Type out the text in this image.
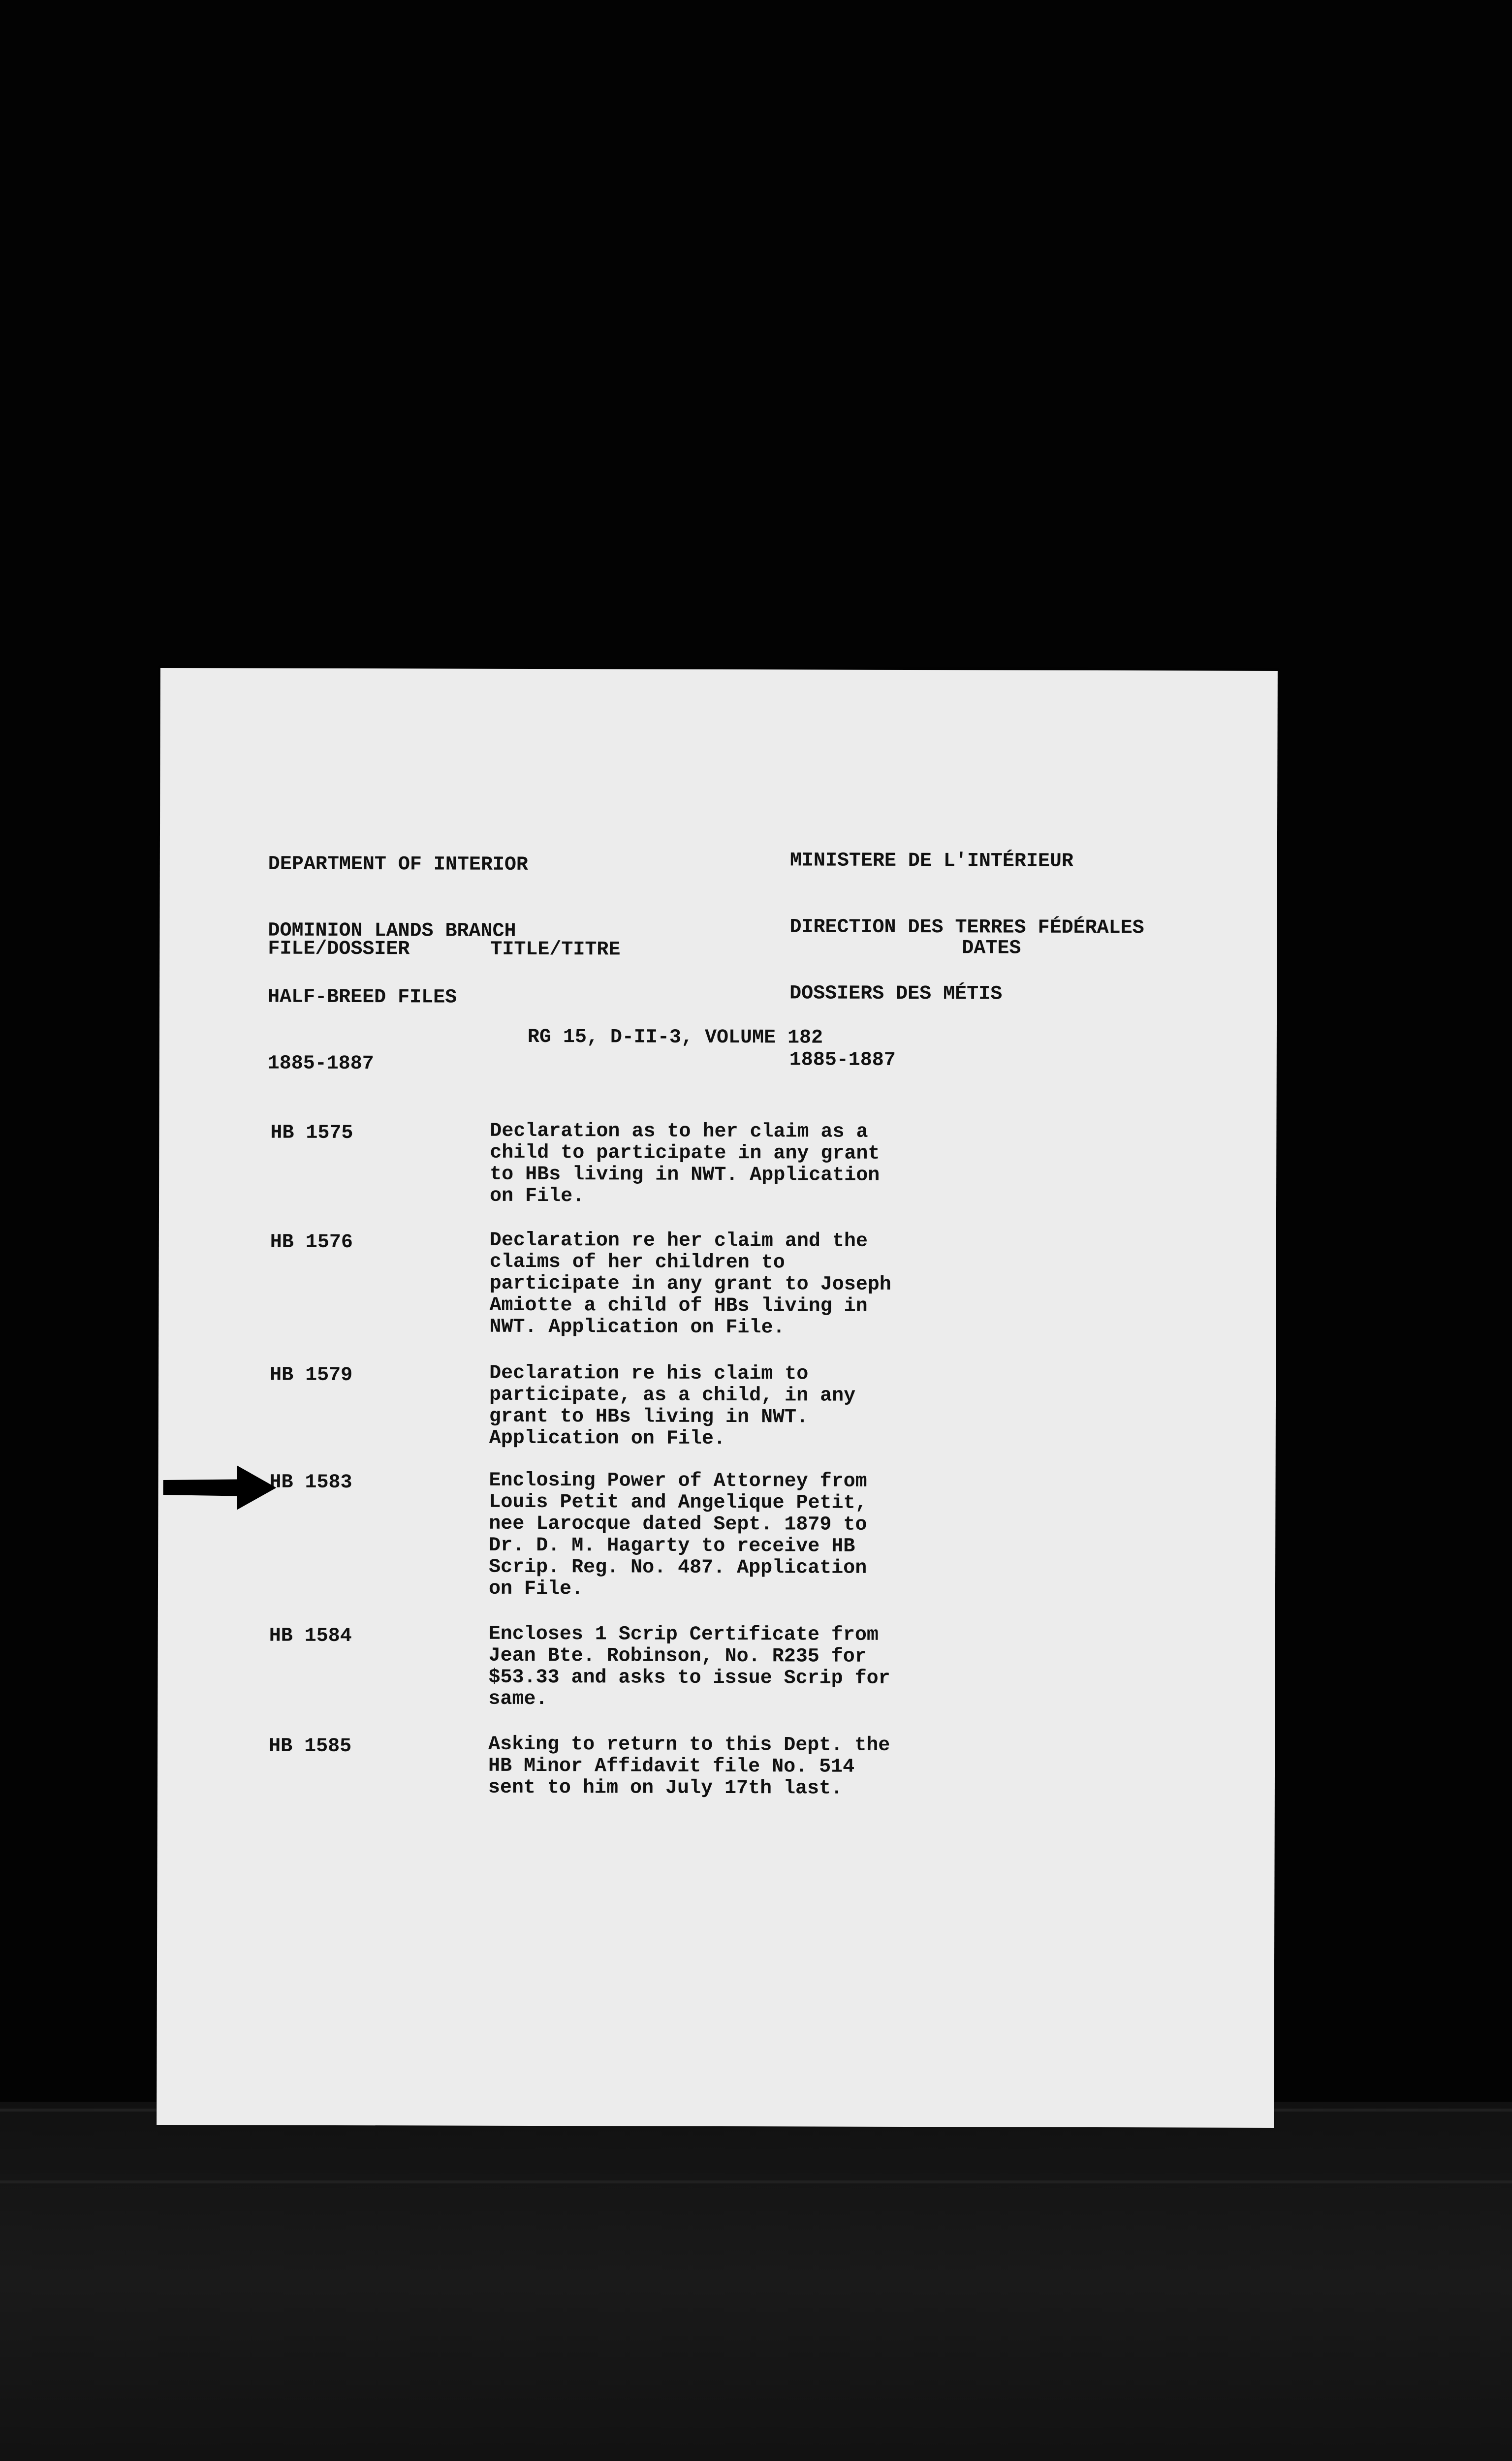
DEPARTMENT OF INTERIOR

DOMINION LANDS BRANCH

HALF-BREED FILES

1885-1887

MINISTERE DE L'INTÉRIEUR

DIRECTION DES TERRES FÉDÉRALES

DOSSIERS DES MÉTIS

1885-1887

FILE/DOSSIER	TITLE/TITRE	DATES
RG 15, D-II-3, VOLUME 182
HB 1575	Declaration as to her claim as a
child to participate in any grant
to HBs living in NWT. Application
on File.
HB 1576	Declaration re her claim and the
claims of her children to
participate in any grant to Joseph
Amiotte a child of HBs living in
NWT. Application on File.
HB 1579	Declaration re his claim to
participate, as a child, in any
grant to HBs living in NWT.
Application on File.
HB 1583	Enclosing Power of Attorney from
Louis Petit and Angelique Petit,
nee Larocque dated Sept. 1879 to
Dr. D. M. Hagarty to receive HB
Scrip. Reg. No. 487. Application
on File.
HB 1584	Encloses 1 Scrip Certificate from
Jean Bte. Robinson, No. R235 for
$53.33 and asks to issue Scrip for
same.
HB 1585	Asking to return to this Dept. the
HB Minor Affidavit file No. 514
sent to him on July 17th last.
